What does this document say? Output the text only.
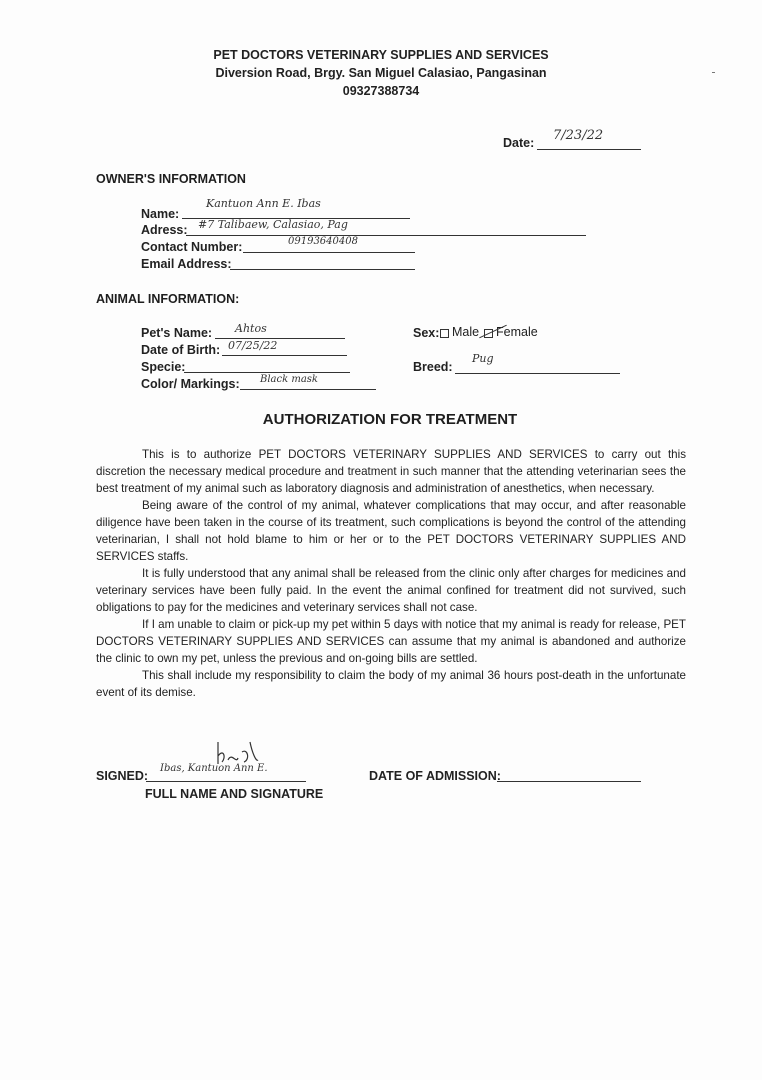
PET DOCTORS VETERINARY SUPPLIES AND SERVICES
Diversion Road, Brgy. San Miguel Calasiao, Pangasinan
09327388734
Date: 7/23/22
OWNER'S INFORMATION
Name:
Kantuon Ann E. Ibas
Adress: #7 Talibaew, Calasiao, Pag
Contact Number:	09193640408
Email Address:
ANIMAL INFORMATION:
Pet's Name: Ahtos
Date of Birth: 07/25/22
Specie:
Color/ Markings: Black mask
Sex: Male Female
Breed:
Pug
AUTHORIZATION FOR TREATMENT

This is to authorize PET DOCTORS VETERINARY SUPPLIES AND SERVICES to carry out this discretion the necessary medical procedure and treatment in such manner that the attending veterinarian sees the best treatment of my animal such as laboratory diagnosis and administration of anesthetics, when necessary.

Being aware of the control of my animal, whatever complications that may occur, and after reasonable diligence have been taken in the course of its treatment, such complications is beyond the control of the attending veterinarian, I shall not hold blame to him or her or to the PET DOCTORS VETERINARY SUPPLIES AND SERVICES staffs.

It is fully understood that any animal shall be released from the clinic only after charges for medicines and veterinary services have been fully paid. In the event the animal confined for treatment did not survived, such obligations to pay for the medicines and veterinary services shall not case.

If I am unable to claim or pick-up my pet within 5 days with notice that my animal is ready for release, PET DOCTORS VETERINARY SUPPLIES AND SERVICES can assume that my animal is abandoned and authorize the clinic to own my pet, unless the previous and on-going bills are settled.

This shall include my responsibility to claim the body of my animal 36 hours post-death in the unfortunate event of its demise.

SIGNED:
Ibas, Kantuon Ann E.
FULL NAME AND SIGNATURE
DATE OF ADMISSION:
